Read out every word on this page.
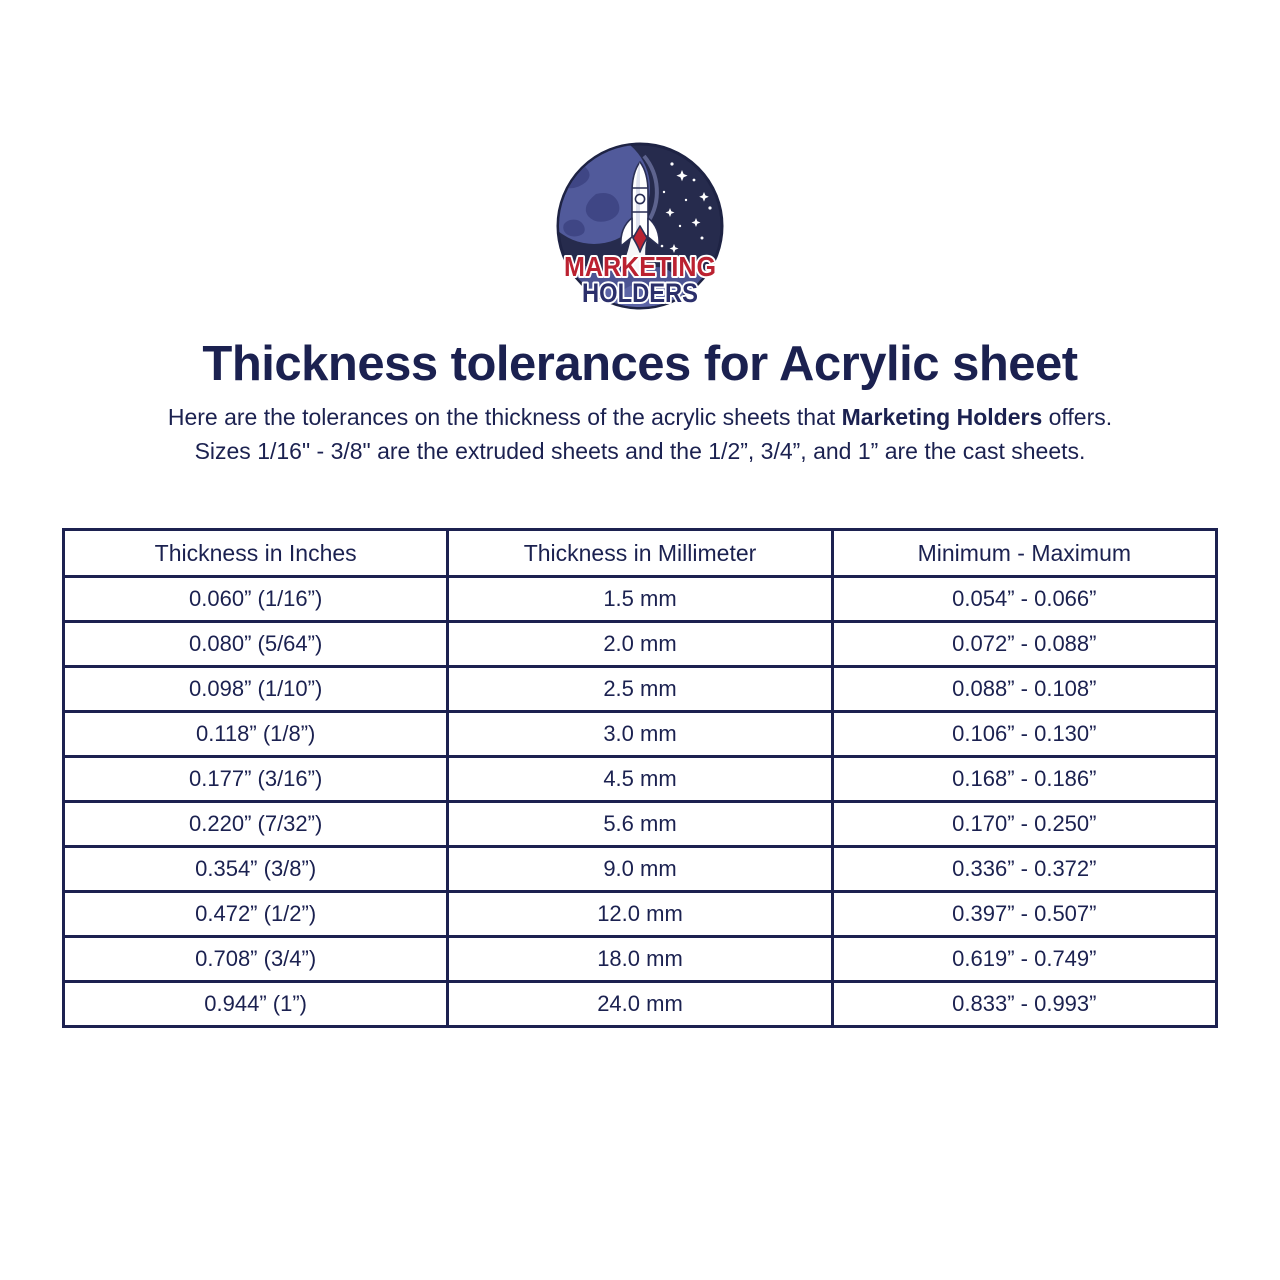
MARKETING
HOLDERS
Thickness tolerances for Acrylic sheet

Here are the tolerances on the thickness of the acrylic sheets that Marketing Holders offers.
Sizes 1/16" - 3/8" are the extruded sheets and the 1/2”, 3/4”, and 1” are the cast sheets.

Thickness in Inches	Thickness in Millimeter	Minimum - Maximum
0.060” (1/16”)	1.5 mm	0.054” - 0.066”
0.080” (5/64”)	2.0 mm	0.072” - 0.088”
0.098” (1/10”)	2.5 mm	0.088” - 0.108”
0.118” (1/8”)	3.0 mm	0.106” - 0.130”
0.177” (3/16”)	4.5 mm	0.168” - 0.186”
0.220” (7/32”)	5.6 mm	0.170” - 0.250”
0.354” (3/8”)	9.0 mm	0.336” - 0.372”
0.472” (1/2”)	12.0 mm	0.397” - 0.507”
0.708” (3/4”)	18.0 mm	0.619” - 0.749”
0.944” (1”)	24.0 mm	0.833” - 0.993”
